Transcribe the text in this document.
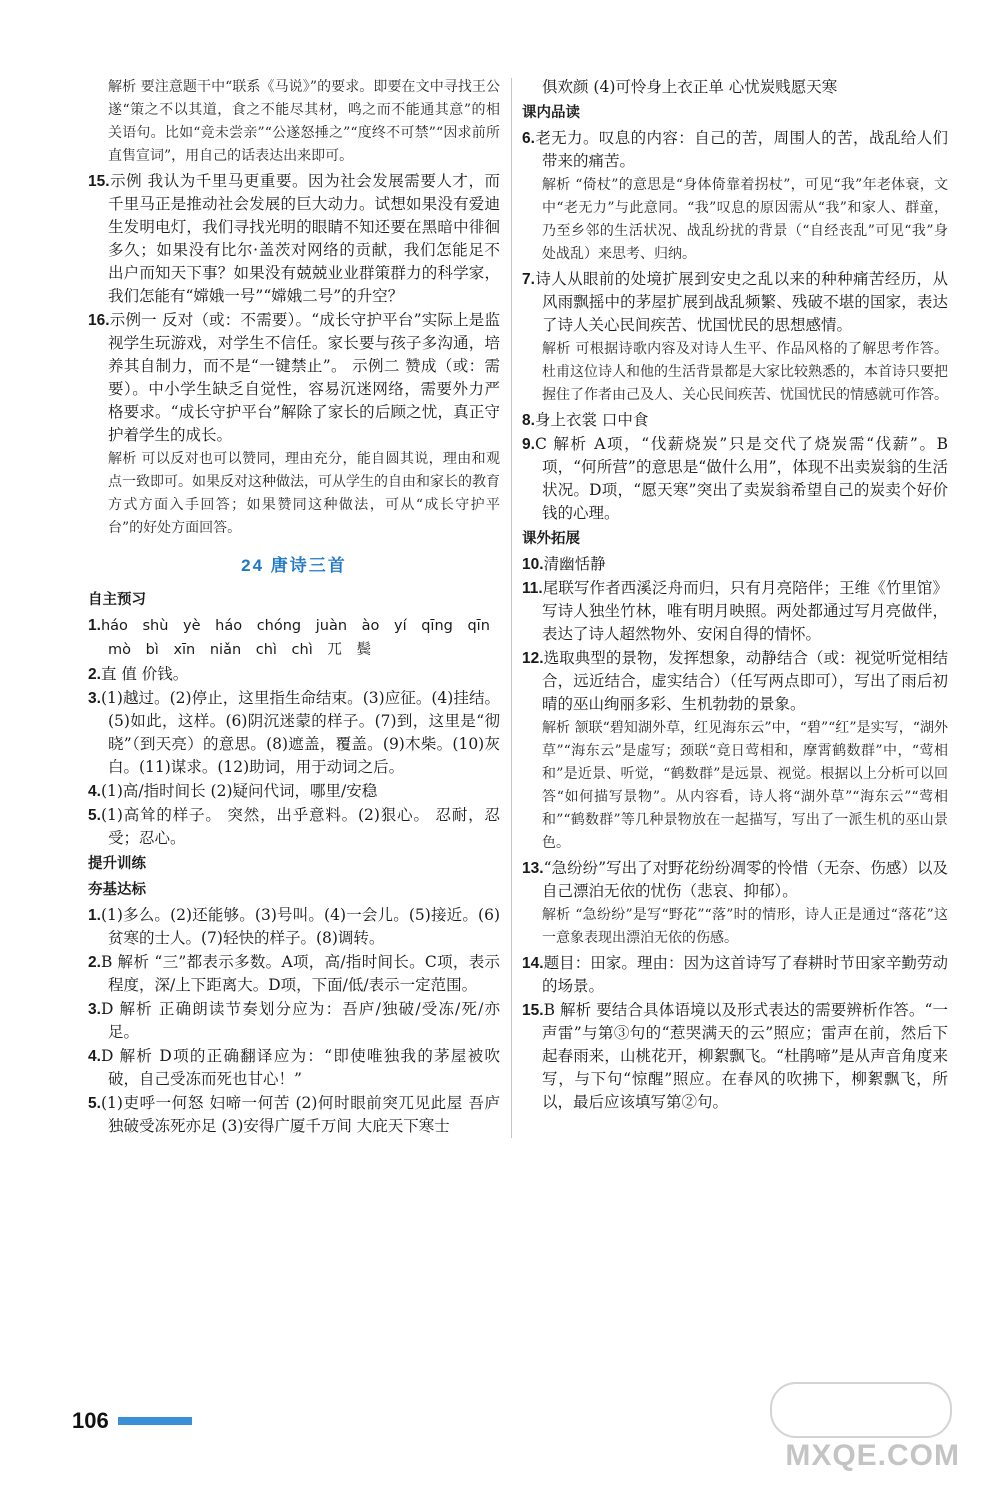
解析 要注意题干中“联系《马说》”的要求。即要在文中寻找王公遂“策之不以其道，食之不能尽其材，鸣之而不能通其意”的相关语句。比如“竞未尝亲”“公遂怒捶之”“度终不可禁”“因求前所直售宣词”，用自己的话表达出来即可。

15.示例 我认为千里马更重要。因为社会发展需要人才，而千里马正是推动社会发展的巨大动力。试想如果没有爱迪生发明电灯，我们寻找光明的眼睛不知还要在黑暗中徘徊多久；如果没有比尔·盖茨对网络的贡献，我们怎能足不出户而知天下事？如果没有兢兢业业群策群力的科学家，我们怎能有“嫦娥一号”“嫦娥二号”的升空？

16.示例一 反对（或：不需要）。“成长守护平台”实际上是监视学生玩游戏，对学生不信任。家长要与孩子多沟通，培养其自制力，而不是“一键禁止”。 示例二 赞成（或：需要）。中小学生缺乏自觉性，容易沉迷网络，需要外力严格要求。“成长守护平台”解除了家长的后顾之忧，真正守护着学生的成长。

解析 可以反对也可以赞同，理由充分，能自圆其说，理由和观点一致即可。如果反对这种做法，可从学生的自由和家长的教育方式方面入手回答；如果赞同这种做法，可从“成长守护平台”的好处方面回答。

24 唐诗三首
自主预习

1.háo shù yè háo chóng juàn ào yí qīng qīn

mò bì xīn niǎn chì chì 兀 鬓

2.直 值 价钱。

3.(1)越过。(2)停止，这里指生命结束。(3)应征。(4)挂结。(5)如此，这样。(6)阴沉迷蒙的样子。(7)到，这里是“彻晓”（到天亮）的意思。(8)遮盖，覆盖。(9)木柴。(10)灰白。(11)谋求。(12)助词，用于动词之后。

4.(1)高/指时间长 (2)疑问代词，哪里/安稳

5.(1)高耸的样子。 突然，出乎意料。(2)狠心。 忍耐，忍受；忍心。

提升训练
夯基达标

1.(1)多么。(2)还能够。(3)号叫。(4)一会儿。(5)接近。(6)贫寒的士人。(7)轻快的样子。(8)调转。

2.B 解析 “三”都表示多数。A项，高/指时间长。C项，表示程度，深/上下距离大。D项，下面/低/表示一定范围。

3.D 解析 正确朗读节奏划分应为：吾庐/独破/受冻/死/亦足。

4.D 解析 D项的正确翻译应为：“即使唯独我的茅屋被吹破，自己受冻而死也甘心！”

5.(1)吏呼一何怒 妇啼一何苦 (2)何时眼前突兀见此屋 吾庐独破受冻死亦足 (3)安得广厦千万间 大庇天下寒士

俱欢颜 (4)可怜身上衣正单 心忧炭贱愿天寒

课内品读

6.老无力。叹息的内容：自己的苦，周围人的苦，战乱给人们带来的痛苦。

解析 “倚杖”的意思是“身体倚靠着拐杖”，可见“我”年老体衰，文中“老无力”与此意同。“我”叹息的原因需从“我”和家人、群童，乃至乡邻的生活状况、战乱纷扰的背景（“自经丧乱”可见“我”身处战乱）来思考、归纳。

7.诗人从眼前的处境扩展到安史之乱以来的种种痛苦经历，从风雨飘摇中的茅屋扩展到战乱频繁、残破不堪的国家，表达了诗人关心民间疾苦、忧国忧民的思想感情。

解析 可根据诗歌内容及对诗人生平、作品风格的了解思考作答。杜甫这位诗人和他的生活背景都是大家比较熟悉的，本首诗只要把握住了作者由己及人、关心民间疾苦、忧国忧民的情感就可作答。

8.身上衣裳 口中食

9.C 解析 A项，“伐薪烧炭”只是交代了烧炭需“伐薪”。B项，“何所营”的意思是“做什么用”，体现不出卖炭翁的生活状况。D项，“愿天寒”突出了卖炭翁希望自己的炭卖个好价钱的心理。

课外拓展

10.清幽恬静

11.尾联写作者西溪泛舟而归，只有月亮陪伴；王维《竹里馆》写诗人独坐竹林，唯有明月映照。两处都通过写月亮做伴，表达了诗人超然物外、安闲自得的情怀。

12.选取典型的景物，发挥想象，动静结合（或：视觉听觉相结合，远近结合，虚实结合）（任写两点即可），写出了雨后初晴的巫山绚丽多彩、生机勃勃的景象。

解析 颔联“碧知湖外草，红见海东云”中，“碧”“红”是实写，“湖外草”“海东云”是虚写；颈联“竟日莺相和，摩霄鹤数群”中，“莺相和”是近景、听觉，“鹤数群”是远景、视觉。根据以上分析可以回答“如何描写景物”。从内容看，诗人将“湖外草”“海东云”“莺相和”“鹤数群”等几种景物放在一起描写，写出了一派生机的巫山景色。

13.“急纷纷”写出了对野花纷纷凋零的怜惜（无奈、伤感）以及自己漂泊无依的忧伤（悲哀、抑郁）。

解析 “急纷纷”是写“野花”“落”时的情形，诗人正是通过“落花”这一意象表现出漂泊无依的伤感。

14.题目：田家。理由：因为这首诗写了春耕时节田家辛勤劳动的场景。

15.B 解析 要结合具体语境以及形式表达的需要辨析作答。“一声雷”与第③句的“惹哭满天的云”照应；雷声在前，然后下起春雨来，山桃花开，柳絮飘飞。“杜鹃啼”是从声音角度来写，与下句“惊醒”照应。在春风的吹拂下，柳絮飘飞，所以，最后应该填写第②句。

106
MXQE.COM
